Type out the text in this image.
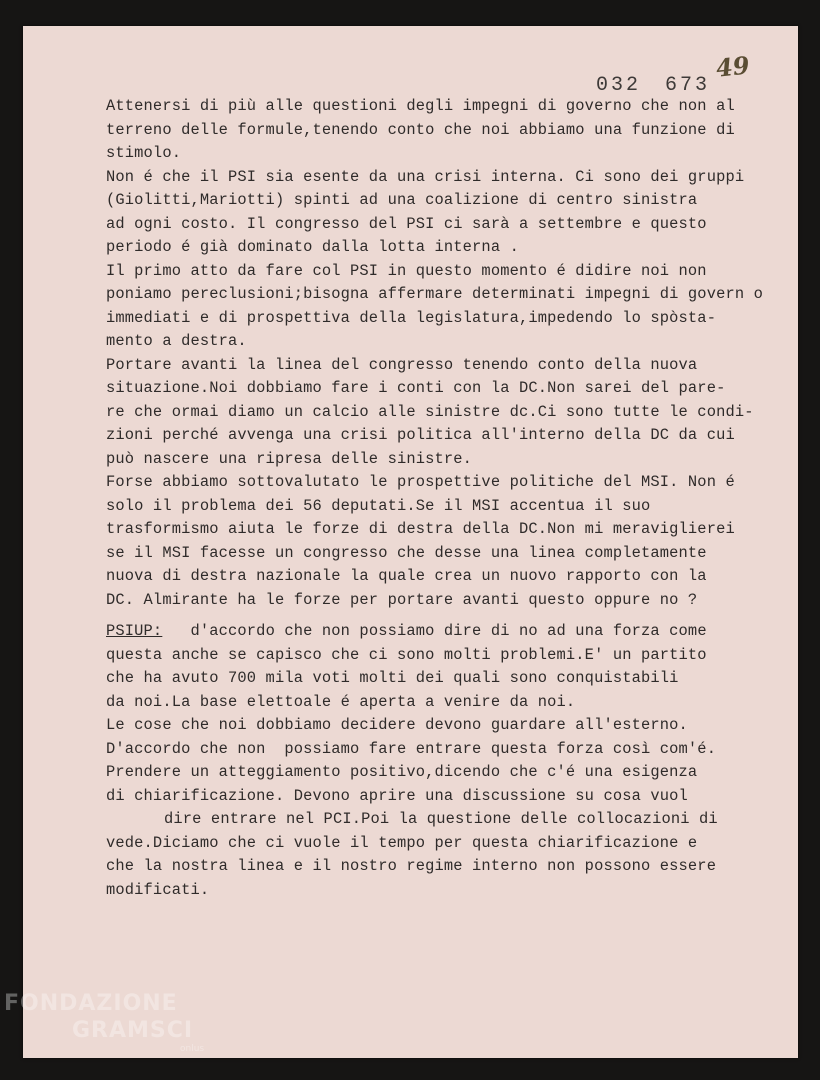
032 673
49

Attenersi di più alle questioni degli impegni di governo che non al

terreno delle formule,tenendo conto che noi abbiamo una funzione di

stimolo.

Non é che il PSI sia esente da una crisi interna. Ci sono dei gruppi

(Giolitti,Mariotti) spinti ad una coalizione di centro sinistra

ad ogni costo. Il congresso del PSI ci sarà a settembre e questo

periodo é già dominato dalla lotta interna .

Il primo atto da fare col PSI in questo momento é didire noi non

poniamo pereclusioni;bisogna affermare determinati impegni di govern o

immediati e di prospettiva della legislatura,impedendo lo spòsta-

mento a destra.

Portare avanti la linea del congresso tenendo conto della nuova

situazione.Noi dobbiamo fare i conti con la DC.Non sarei del pare-

re che ormai diamo un calcio alle sinistre dc.Ci sono tutte le condi-

zioni perché avvenga una crisi politica all'interno della DC da cui

può nascere una ripresa delle sinistre.

Forse abbiamo sottovalutato le prospettive politiche del MSI. Non é

solo il problema dei 56 deputati.Se il MSI accentua il suo

trasformismo aiuta le forze di destra della DC.Non mi meraviglierei

se il MSI facesse un congresso che desse una linea completamente

nuova di destra nazionale la quale crea un nuovo rapporto con la

DC. Almirante ha le forze per portare avanti questo oppure no ?

PSIUP:   d'accordo che non possiamo dire di no ad una forza come

questa anche se capisco che ci sono molti problemi.E' un partito

che ha avuto 700 mila voti molti dei quali sono conquistabili

da noi.La base elettoale é aperta a venire da noi.

Le cose che noi dobbiamo decidere devono guardare all'esterno.

D'accordo che non  possiamo fare entrare questa forza così com'é.

Prendere un atteggiamento positivo,dicendo che c'é una esigenza

di chiarificazione. Devono aprire una discussione su cosa vuol

dire entrare nel PCI.Poi la questione delle collocazioni di

vede.Diciamo che ci vuole il tempo per questa chiarificazione e

che la nostra linea e il nostro regime interno non possono essere

modificati.

FONDAZIONE
GRAMSCI
onlus
